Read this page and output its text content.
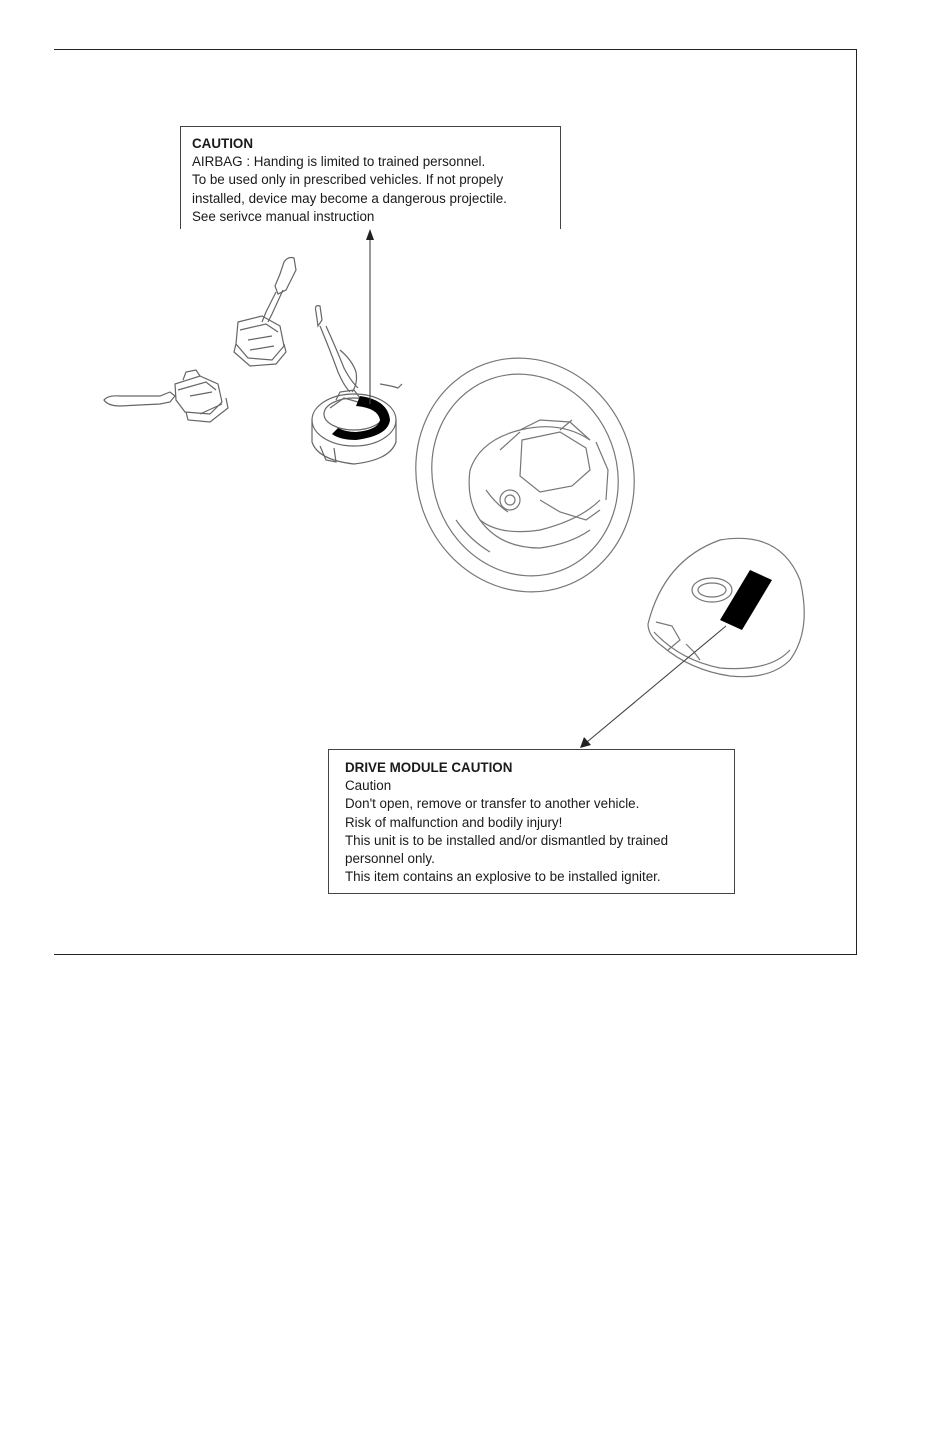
CAUTION
AIRBAG : Handing is limited to trained personnel.
To be used only in prescribed vehicles. If not propely
installed, device may become a dangerous projectile.
See serivce manual instruction
DRIVE MODULE CAUTION
Caution
Don't open, remove or transfer to another vehicle.
Risk of malfunction and bodily injury!
This unit is to be installed and/or dismantled by trained
personnel only.
This item contains an explosive to be installed igniter.
